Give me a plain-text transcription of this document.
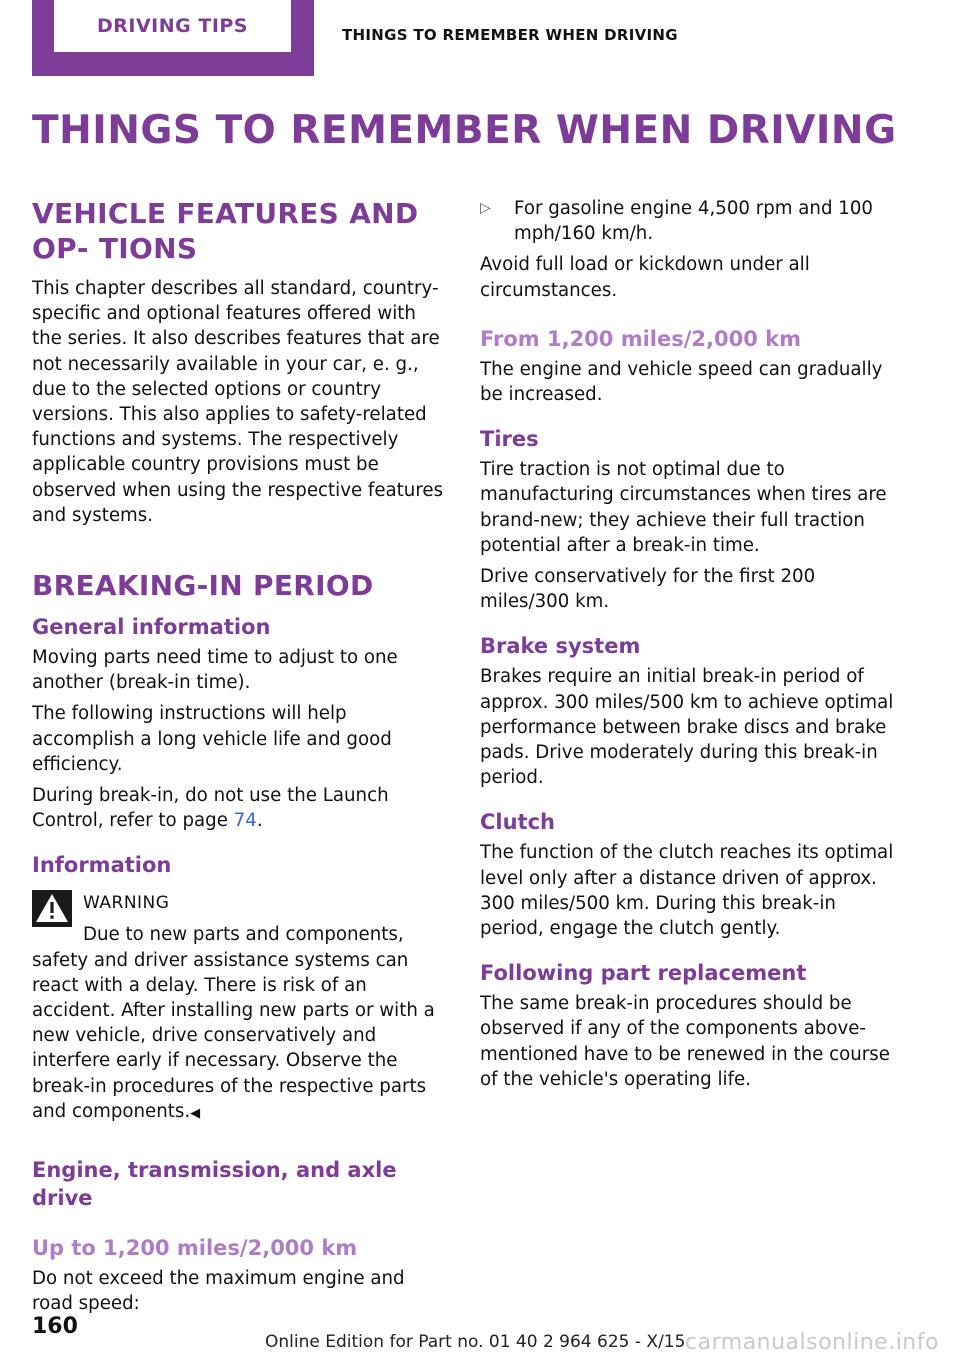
DRIVING TIPS	THINGS TO REMEMBER WHEN DRIVING
THINGS TO REMEMBER WHEN DRIVING
VEHICLE FEATURES AND OP‐ TIONS

This chapter describes all standard, country-specific and optional features offered with the series. It also describes features that are not necessarily available in your car, e. g., due to the selected options or country versions. This also applies to safety-related functions and systems. The respectively applicable country provisions must be observed when using the respective features and systems.

BREAKING-IN PERIOD
General information

Moving parts need time to adjust to one another (break-in time).

The following instructions will help accomplish a long vehicle life and good efficiency.

During break-in, do not use the Launch Control, refer to page 74.

Information
WARNING

Due to new parts and components, safety and driver assistance systems can react with a delay. There is risk of an accident. After installing new parts or with a new vehicle, drive conservatively and interfere early if necessary. Observe the break-in procedures of the respective parts and components.◀

Engine, transmission, and axle drive
Up to 1,200 miles/2,000 km

Do not exceed the maximum engine and road speed:

▷ For gasoline engine 4,500 rpm and 100 mph/160 km/h.

Avoid full load or kickdown under all circumstances.

From 1,200 miles/2,000 km

The engine and vehicle speed can gradually be increased.

Tires

Tire traction is not optimal due to manufacturing circumstances when tires are brand-new; they achieve their full traction potential after a break-in time.

Drive conservatively for the first 200 miles/300 km.

Brake system

Brakes require an initial break-in period of approx. 300 miles/500 km to achieve optimal performance between brake discs and brake pads. Drive moderately during this break-in period.

Clutch

The function of the clutch reaches its optimal level only after a distance driven of approx. 300 miles/500 km. During this break-in period, engage the clutch gently.

Following part replacement

The same break-in procedures should be observed if any of the components above-mentioned have to be renewed in the course of the vehicle's operating life.

160
Online Edition for Part no. 01 40 2 964 625 - X/15 carmanualsonline.info
